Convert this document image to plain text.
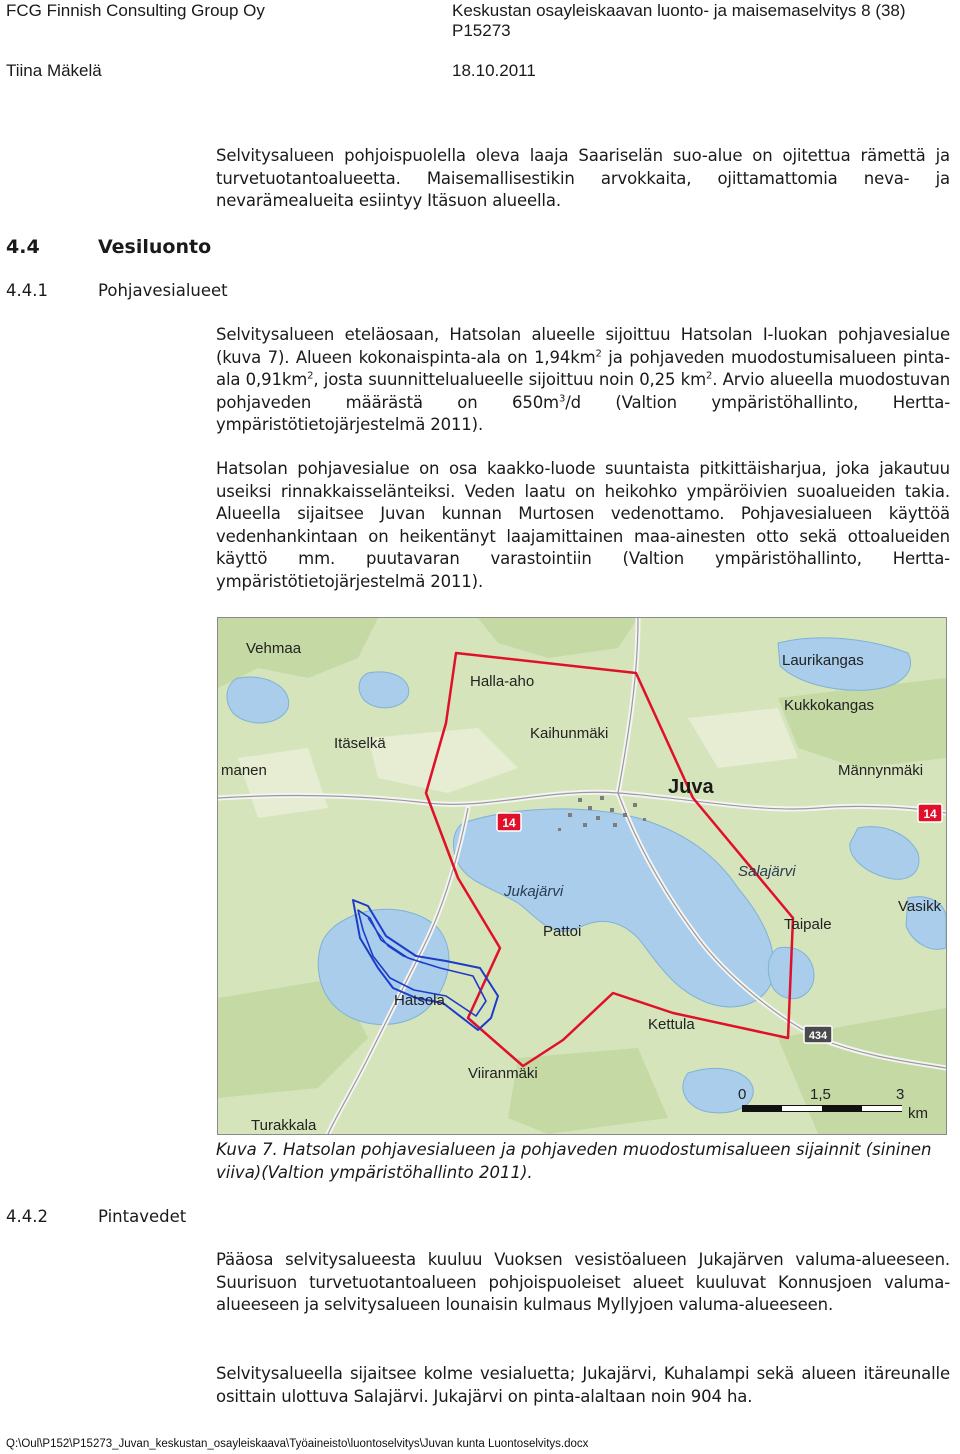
FCG Finnish Consulting Group Oy	Keskustan osayleiskaavan luonto- ja maisemaselvitys 8 (38)
P15273
Tiina Mäkelä	18.10.2011
Selvitysalueen pohjoispuolella oleva laaja Saariselän suo-alue on ojitettua rämettä ja turvetuotantoalueetta. Maisemallisestikin arvokkaita, ojittamattomia neva- ja nevarämealueita esiintyy Itäsuon alueella.
4.4	Vesiluonto
4.4.1	Pohjavesialueet
Selvitysalueen eteläosaan, Hatsolan alueelle sijoittuu Hatsolan I-luokan pohjavesialue (kuva 7). Alueen kokonaispinta-ala on $1,94km^2$ ja pohjaveden muodostumisalueen pinta-ala $0,91km^2$, josta suunnittelualueelle sijoittuu noin 0,25 $km^2$. Arvio alueella muodostuvan pohjaveden määrästä on $650m^3/d$ (Valtion ympäristöhallinto, Hertta-ympäristötietojärjestelmä 2011).
Hatsolan pohjavesialue on osa kaakko-luode suuntaista pitkittäisharjua, joka jakautuu useiksi rinnakkaisselänteiksi. Veden laatu on heikohko ympäröivien suoalueiden takia. Alueella sijaitsee Juvan kunnan Murtosen vedenottamo. Pohjavesialueen käyttöä vedenhankintaan on heikentänyt laajamittainen maa-ainesten otto sekä ottoalueiden käyttö mm. puutavaran varastointiin (Valtion ympäristöhallinto, Hertta-ympäristötietojärjestelmä 2011).
14
14
434
Vehmaa
Laurikangas
Halla-aho
Kukkokangas
Kaihunmäki
Itäselkä
Männynmäki
manen
Juva
Salajärvi
Jukajärvi
Pattoi	Taipale
Vasikk
Hatsola
Kettula
Viiranmäki
Turakkala
0	1,5	3
km
Kuva 7. Hatsolan pohjavesialueen ja pohjaveden muodostumisalueen sijainnit (sininen viiva)(Valtion ympäristöhallinto 2011).
4.4.2	Pintavedet
Pääosa selvitysalueesta kuuluu Vuoksen vesistöalueen Jukajärven valuma-alueeseen. Suurisuon turvetuotantoalueen pohjoispuoleiset alueet kuuluvat Konnusjoen valuma-alueeseen ja selvitysalueen lounaisin kulmaus Myllyjoen valuma-alueeseen.
Selvitysalueella sijaitsee kolme vesialuetta; Jukajärvi, Kuhalampi sekä alueen itäreunalle osittain ulottuva Salajärvi. Jukajärvi on pinta-alaltaan noin 904 ha.
Q:\Oul\P152\P15273_Juvan_keskustan_osayleiskaava\Työaineisto\luontoselvitys\Juvan kunta Luontoselvitys.docx
